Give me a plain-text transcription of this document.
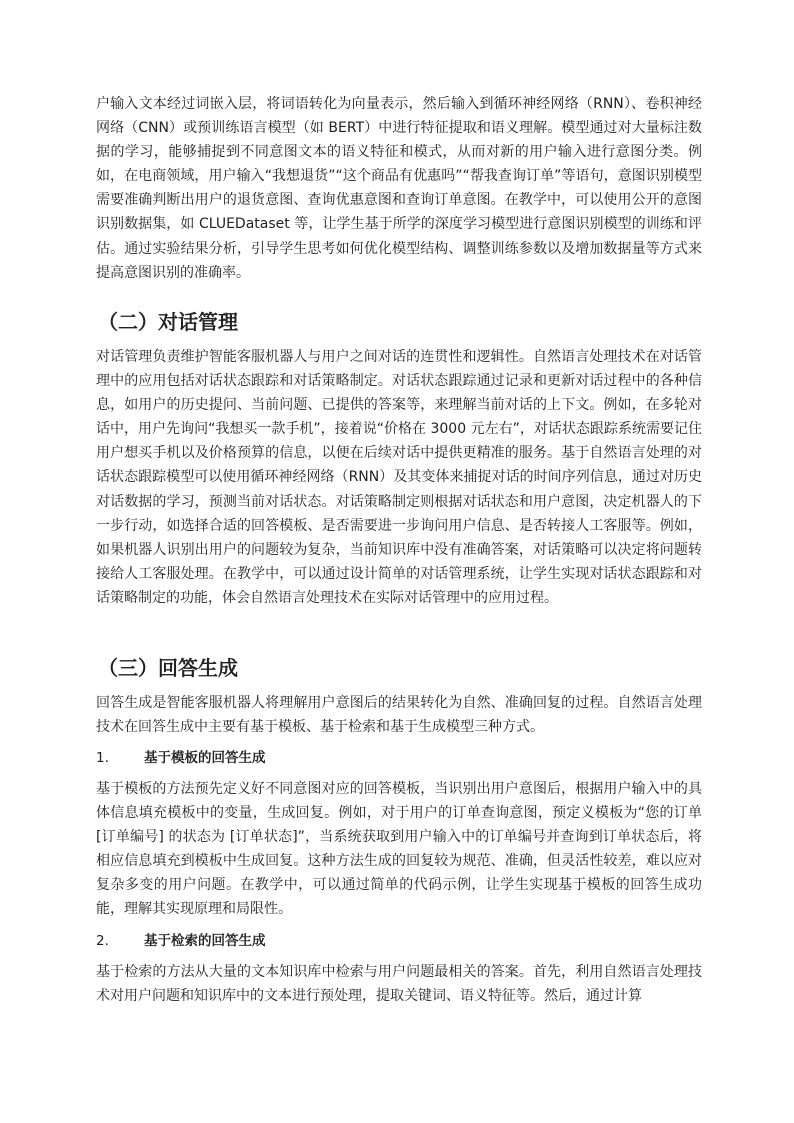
户输入文本经过词嵌入层，将词语转化为向量表示，然后输入到循环神经网络（RNN）、卷积神经网络（CNN）或预训练语言模型（如 BERT）中进行特征提取和语义理解。模型通过对大量标注数据的学习，能够捕捉到不同意图文本的语义特征和模式，从而对新的用户输入进行意图分类。例如，在电商领域，用户输入“我想退货”“这个商品有优惠吗”“帮我查询订单”等语句，意图识别模型需要准确判断出用户的退货意图、查询优惠意图和查询订单意图。在教学中，可以使用公开的意图识别数据集，如 CLUEDataset 等，让学生基于所学的深度学习模型进行意图识别模型的训练和评估。通过实验结果分析，引导学生思考如何优化模型结构、调整训练参数以及增加数据量等方式来提高意图识别的准确率。

（二）对话管理

对话管理负责维护智能客服机器人与用户之间对话的连贯性和逻辑性。自然语言处理技术在对话管理中的应用包括对话状态跟踪和对话策略制定。对话状态跟踪通过记录和更新对话过程中的各种信息，如用户的历史提问、当前问题、已提供的答案等，来理解当前对话的上下文。例如，在多轮对话中，用户先询问“我想买一款手机”，接着说“价格在 3000 元左右”，对话状态跟踪系统需要记住用户想买手机以及价格预算的信息，以便在后续对话中提供更精准的服务。基于自然语言处理的对话状态跟踪模型可以使用循环神经网络（RNN）及其变体来捕捉对话的时间序列信息，通过对历史对话数据的学习，预测当前对话状态。对话策略制定则根据对话状态和用户意图，决定机器人的下一步行动，如选择合适的回答模板、是否需要进一步询问用户信息、是否转接人工客服等。例如，如果机器人识别出用户的问题较为复杂，当前知识库中没有准确答案，对话策略可以决定将问题转接给人工客服处理。在教学中，可以通过设计简单的对话管理系统，让学生实现对话状态跟踪和对话策略制定的功能，体会自然语言处理技术在实际对话管理中的应用过程。

（三）回答生成

回答生成是智能客服机器人将理解用户意图后的结果转化为自然、准确回复的过程。自然语言处理技术在回答生成中主要有基于模板、基于检索和基于生成模型三种方式。

1.	基于模板的回答生成

基于模板的方法预先定义好不同意图对应的回答模板，当识别出用户意图后，根据用户输入中的具体信息填充模板中的变量，生成回复。例如，对于用户的订单查询意图，预定义模板为“您的订单 [订单编号] 的状态为 [订单状态]”，当系统获取到用户输入中的订单编号并查询到订单状态后，将相应信息填充到模板中生成回复。这种方法生成的回复较为规范、准确，但灵活性较差，难以应对复杂多变的用户问题。在教学中，可以通过简单的代码示例，让学生实现基于模板的回答生成功能，理解其实现原理和局限性。

2.	基于检索的回答生成

基于检索的方法从大量的文本知识库中检索与用户问题最相关的答案。首先，利用自然语言处理技术对用户问题和知识库中的文本进行预处理，提取关键词、语义特征等。然后，通过计算
